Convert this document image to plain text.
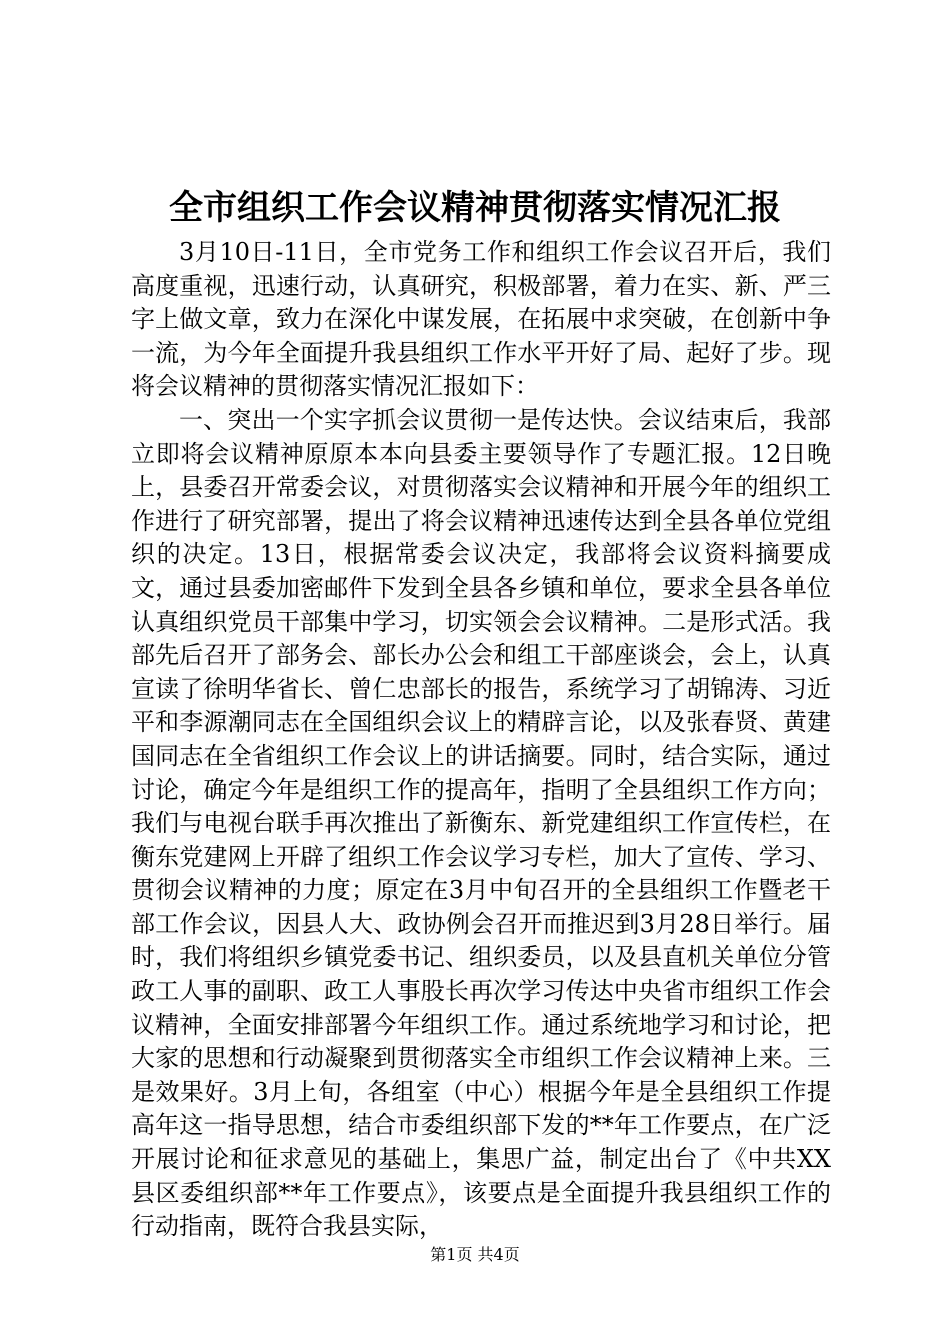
全市组织工作会议精神贯彻落实情况汇报

3月10日-11日，全市党务工作和组织工作会议召开后，我们高度重视，迅速行动，认真研究，积极部署，着力在实、新、严三字上做文章，致力在深化中谋发展，在拓展中求突破，在创新中争一流，为今年全面提升我县组织工作水平开好了局、起好了步。现将会议精神的贯彻落实情况汇报如下：

一、突出一个实字抓会议贯彻一是传达快。会议结束后，我部立即将会议精神原原本本向县委主要领导作了专题汇报。12日晚上，县委召开常委会议，对贯彻落实会议精神和开展今年的组织工作进行了研究部署，提出了将会议精神迅速传达到全县各单位党组织的决定。13日，根据常委会议决定，我部将会议资料摘要成文，通过县委加密邮件下发到全县各乡镇和单位，要求全县各单位认真组织党员干部集中学习，切实领会会议精神。二是形式活。我部先后召开了部务会、部长办公会和组工干部座谈会，会上，认真宣读了徐明华省长、曾仁忠部长的报告，系统学习了胡锦涛、习近平和李源潮同志在全国组织会议上的精辟言论，以及张春贤、黄建国同志在全省组织工作会议上的讲话摘要。同时，结合实际，通过讨论，确定今年是组织工作的提高年，指明了全县组织工作方向；我们与电视台联手再次推出了新衡东、新党建组织工作宣传栏，在衡东党建网上开辟了组织工作会议学习专栏，加大了宣传、学习、贯彻会议精神的力度；原定在3月中旬召开的全县组织工作暨老干部工作会议，因县人大、政协例会召开而推迟到3月28日举行。届时，我们将组织乡镇党委书记、组织委员，以及县直机关单位分管政工人事的副职、政工人事股长再次学习传达中央省市组织工作会议精神，全面安排部署今年组织工作。通过系统地学习和讨论，把大家的思想和行动凝聚到贯彻落实全市组织工作会议精神上来。三是效果好。3月上旬，各组室（中心）根据今年是全县组织工作提高年这一指导思想，结合市委组织部下发的**年工作要点，在广泛开展讨论和征求意见的基础上，集思广益，制定出台了《中共XX县区委组织部**年工作要点》，该要点是全面提升我县组织工作的行动指南，既符合我县实际，

第1页 共4页
